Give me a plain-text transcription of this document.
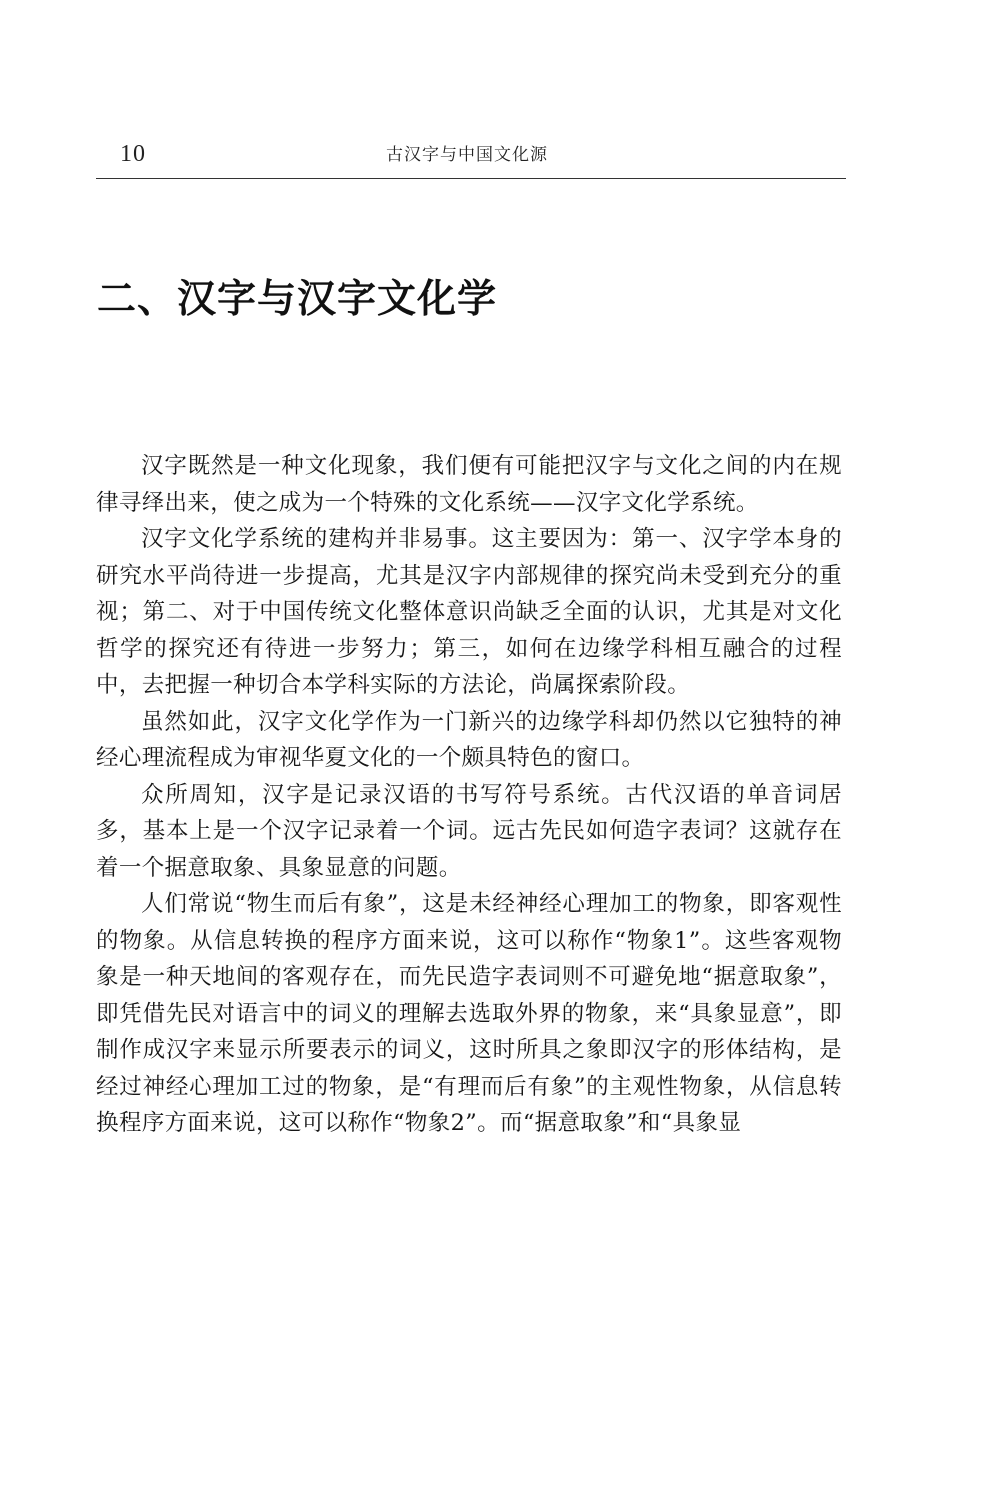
10	古汉字与中国文化源
二、汉字与汉字文化学

汉字既然是一种文化现象，我们便有可能把汉字与文化之间的内在规律寻绎出来，使之成为一个特殊的文化系统——汉字文化学系统。

汉字文化学系统的建构并非易事。这主要因为：第一、汉字学本身的研究水平尚待进一步提高，尤其是汉字内部规律的探究尚未受到充分的重视；第二、对于中国传统文化整体意识尚缺乏全面的认识，尤其是对文化哲学的探究还有待进一步努力；第三，如何在边缘学科相互融合的过程中，去把握一种切合本学科实际的方法论，尚属探索阶段。

虽然如此，汉字文化学作为一门新兴的边缘学科却仍然以它独特的神经心理流程成为审视华夏文化的一个颇具特色的窗口。

众所周知，汉字是记录汉语的书写符号系统。古代汉语的单音词居多，基本上是一个汉字记录着一个词。远古先民如何造字表词？这就存在着一个据意取象、具象显意的问题。

人们常说“物生而后有象”，这是未经神经心理加工的物象，即客观性的物象。从信息转换的程序方面来说，这可以称作“物象1”。这些客观物象是一种天地间的客观存在，而先民造字表词则不可避免地“据意取象”，即凭借先民对语言中的词义的理解去选取外界的物象，来“具象显意”，即制作成汉字来显示所要表示的词义，这时所具之象即汉字的形体结构，是经过神经心理加工过的物象，是“有理而后有象”的主观性物象，从信息转换程序方面来说，这可以称作“物象2”。而“据意取象”和“具象显
